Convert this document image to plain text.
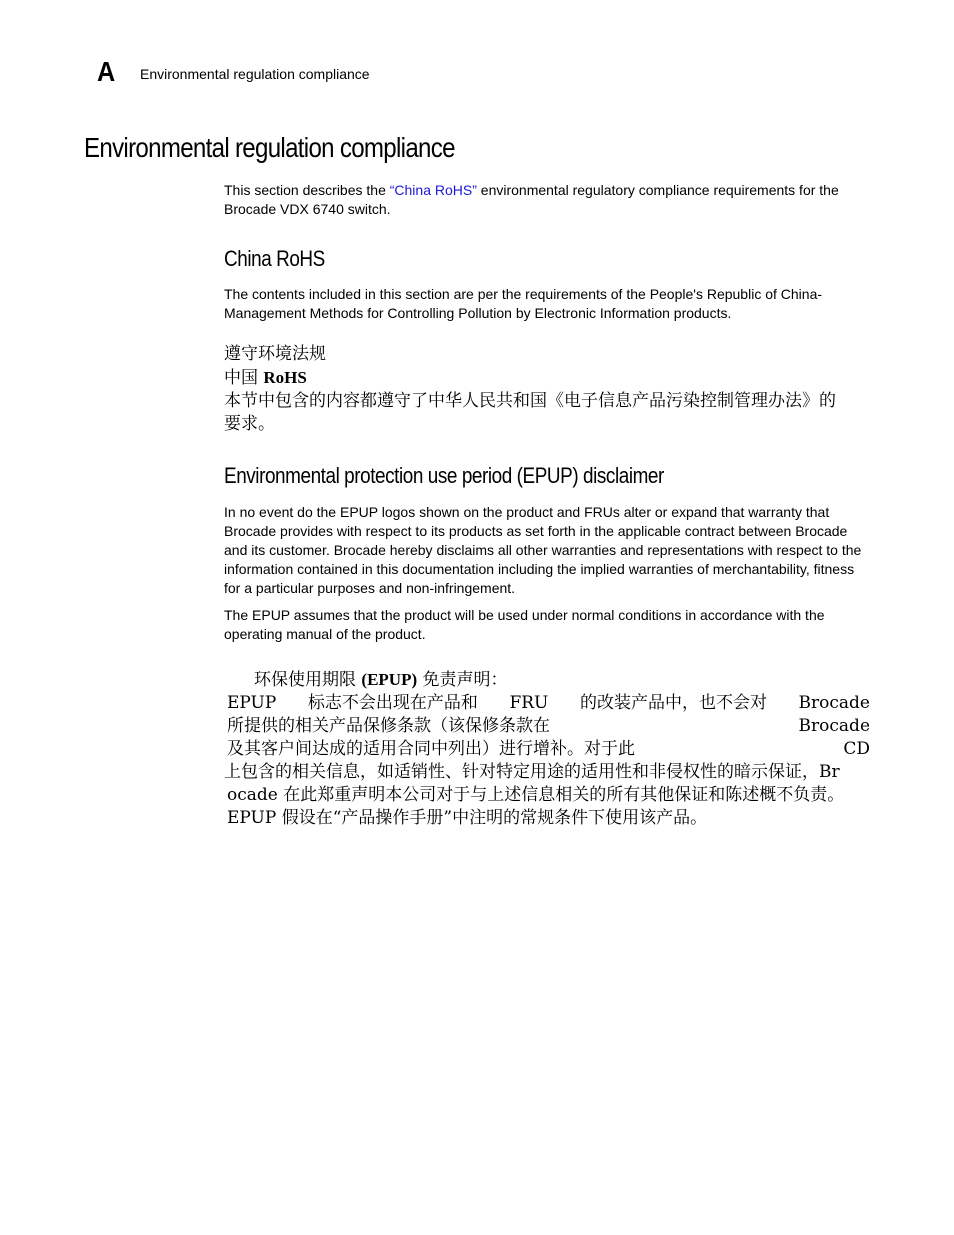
A Environmental regulation compliance
Environmental regulation compliance

This section describes the “China RoHS” environmental regulatory compliance requirements for the Brocade VDX 6740 switch.

China RoHS

The contents included in this section are per the requirements of the People's Republic of China- Management Methods for Controlling Pollution by Electronic Information products.

遵守环境法规
中国 RoHS
本节中包含的内容都遵守了中华人民共和国《电子信息产品污染控制管理办法》的
要求。
Environmental protection use period (EPUP) disclaimer

In no event do the EPUP logos shown on the product and FRUs alter or expand that warranty that Brocade provides with respect to its products as set forth in the applicable contract between Brocade and its customer. Brocade hereby disclaims all other warranties and representations with respect to the information contained in this documentation including the implied warranties of merchantability, fitness for a particular purposes and non-infringement.

The EPUP assumes that the product will be used under normal conditions in accordance with the operating manual of the product.

环保使用期限 (EPUP) 免责声明：
EPUP 标志不会出现在产品和 FRU 的改装产品中，也不会对 Brocade
所提供的相关产品保修条款（该保修条款在	Brocade
及其客户间达成的适用合同中列出）进行增补。对于此	CD
上包含的相关信息，如适销性、针对特定用途的适用性和非侵权性的暗示保证，Br
ocade 在此郑重声明本公司对于与上述信息相关的所有其他保证和陈述概不负责。
EPUP 假设在“产品操作手册”中注明的常规条件下使用该产品。
